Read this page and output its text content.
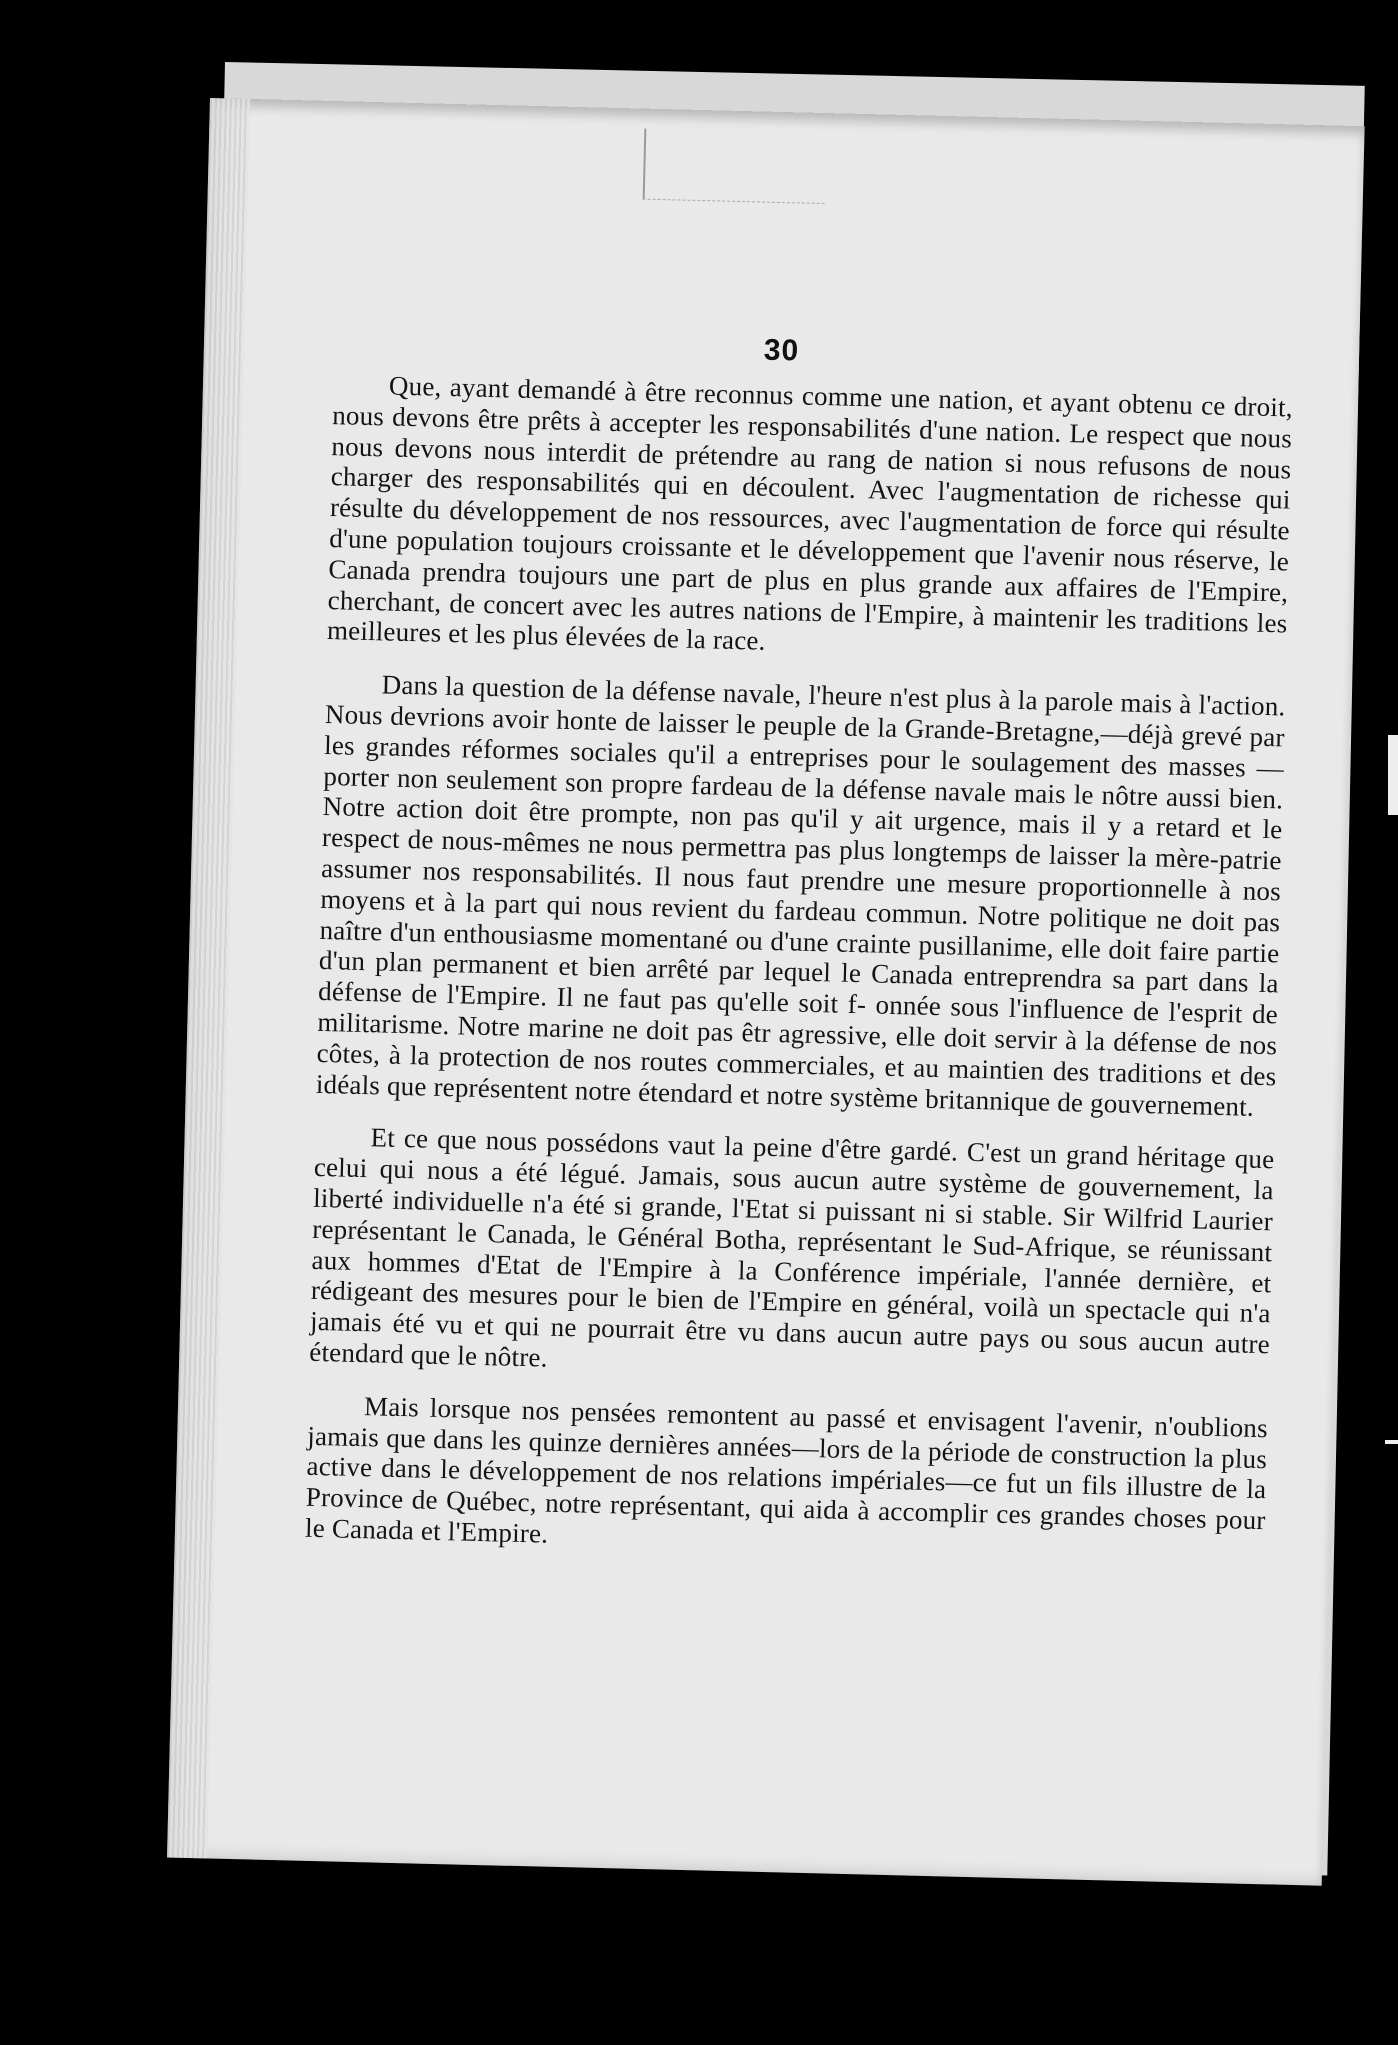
30

Que, ayant demandé à être reconnus comme une nation, et ayant obtenu ce droit, nous devons être prêts à accepter les responsabilités d'une nation. Le respect que nous nous devons nous interdit de prétendre au rang de nation si nous refusons de nous charger des responsabilités qui en découlent. Avec l'augmentation de richesse qui résulte du développement de nos ressources, avec l'augmentation de force qui résulte d'une population toujours croissante et le développement que l'avenir nous réserve, le Canada prendra toujours une part de plus en plus grande aux affaires de l'Empire, cherchant, de concert avec les autres nations de l'Empire, à maintenir les traditions les meilleures et les plus élevées de la race.

Dans la question de la défense navale, l'heure n'est plus à la parole mais à l'action. Nous devrions avoir honte de laisser le peuple de la Grande-Bretagne,—déjà grevé par les grandes réformes sociales qu'il a entreprises pour le soulagement des masses — porter non seulement son propre fardeau de la défense navale mais le nôtre aussi bien. Notre action doit être prompte, non pas qu'il y ait urgence, mais il y a retard et le respect de nous-mêmes ne nous permettra pas plus longtemps de laisser la mère-patrie assumer nos responsabilités. Il nous faut prendre une mesure proportionnelle à nos moyens et à la part qui nous revient du fardeau commun. Notre politique ne doit pas naître d'un enthousiasme momentané ou d'une crainte pusillanime, elle doit faire partie d'un plan permanent et bien arrêté par lequel le Canada entreprendra sa part dans la défense de l'Empire. Il ne faut pas qu'elle soit f- onnée sous l'influence de l'esprit de militarisme. Notre marine ne doit pas êtr agressive, elle doit servir à la défense de nos côtes, à la protection de nos routes commerciales, et au maintien des traditions et des idéals que représentent notre étendard et notre système britannique de gouvernement.

Et ce que nous possédons vaut la peine d'être gardé. C'est un grand héritage que celui qui nous a été légué. Jamais, sous aucun autre système de gouvernement, la liberté individuelle n'a été si grande, l'Etat si puissant ni si stable. Sir Wilfrid Laurier représentant le Canada, le Général Botha, représentant le Sud-Afrique, se réunissant aux hommes d'Etat de l'Empire à la Conférence impériale, l'année dernière, et rédigeant des mesures pour le bien de l'Empire en général, voilà un spectacle qui n'a jamais été vu et qui ne pourrait être vu dans aucun autre pays ou sous aucun autre étendard que le nôtre.

Mais lorsque nos pensées remontent au passé et envisagent l'avenir, n'oublions jamais que dans les quinze dernières années—lors de la période de construction la plus active dans le développement de nos relations impériales—ce fut un fils illustre de la Province de Québec, notre représentant, qui aida à accomplir ces grandes choses pour le Canada et l'Empire.
